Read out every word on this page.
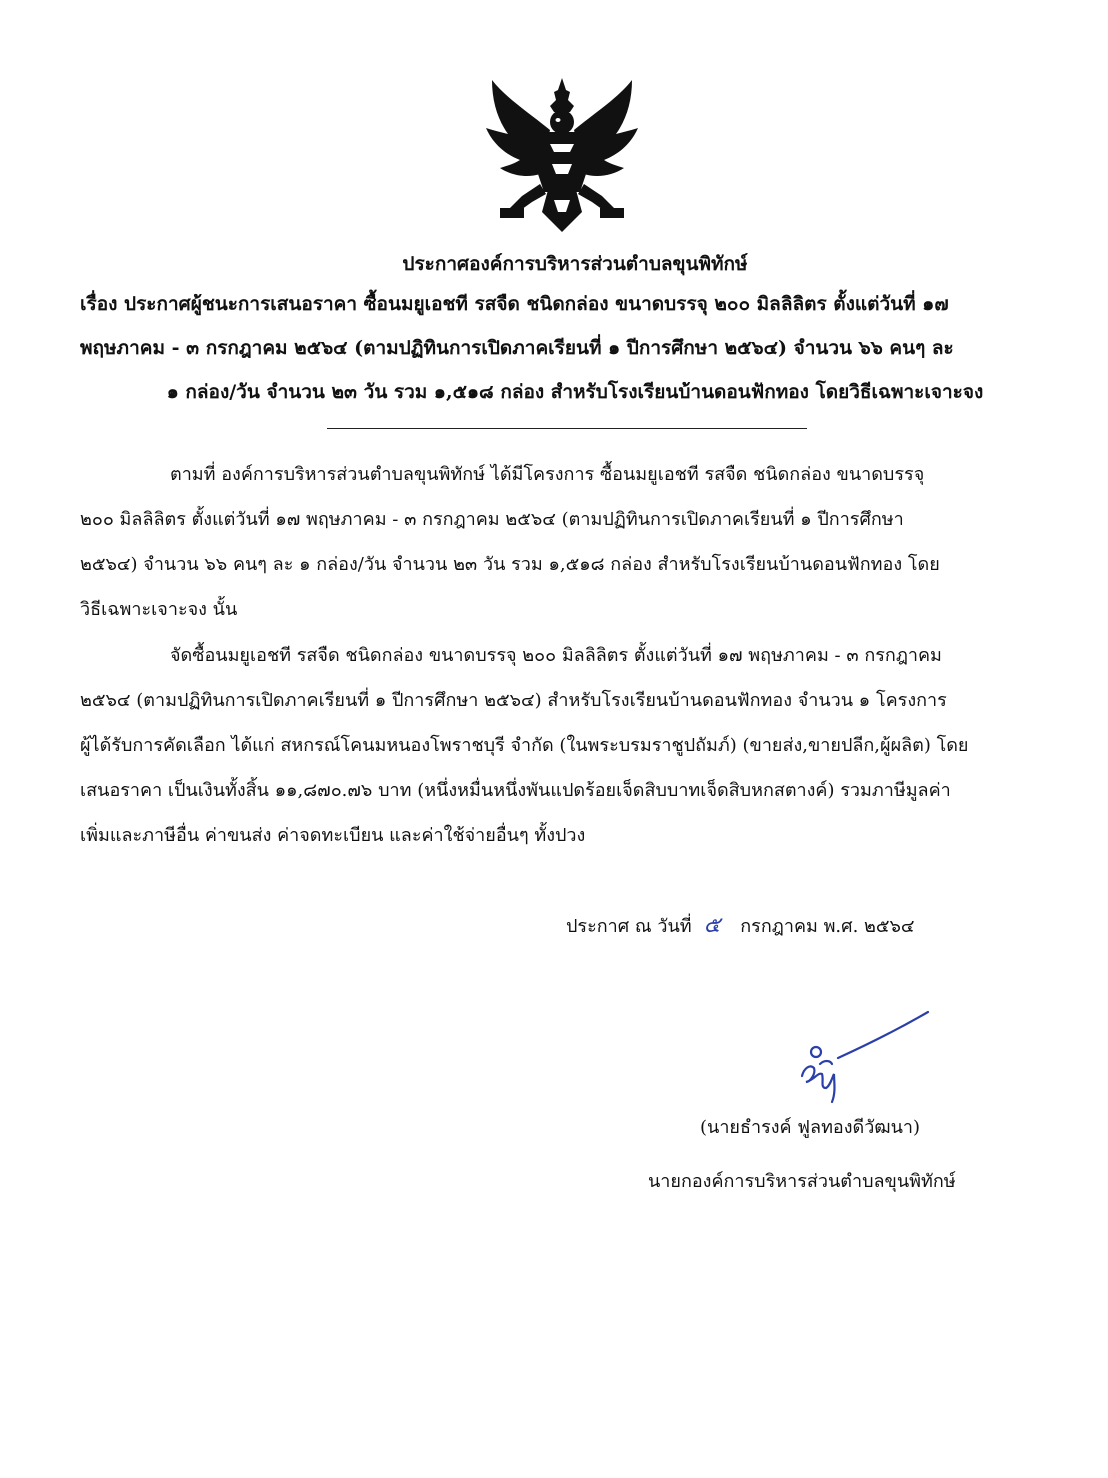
ประกาศองค์การบริหารส่วนตำบลขุนพิทักษ์

เรื่อง ประกาศผู้ชนะการเสนอราคา ซื้อนมยูเอชที รสจืด ชนิดกล่อง ขนาดบรรจุ ๒๐๐ มิลลิลิตร ตั้งแต่วันที่ ๑๗
พฤษภาคม - ๓ กรกฎาคม ๒๕๖๔ (ตามปฏิทินการเปิดภาคเรียนที่ ๑ ปีการศึกษา ๒๕๖๔) จำนวน ๖๖ คนๆ ละ
๑ กล่อง/วัน จำนวน ๒๓ วัน รวม ๑,๕๑๘ กล่อง สำหรับโรงเรียนบ้านดอนฟักทอง โดยวิธีเฉพาะเจาะจง
ตามที่ องค์การบริหารส่วนตำบลขุนพิทักษ์ ได้มีโครงการ ซื้อนมยูเอชที รสจืด ชนิดกล่อง ขนาดบรรจุ
๒๐๐ มิลลิลิตร ตั้งแต่วันที่ ๑๗ พฤษภาคม - ๓ กรกฎาคม ๒๕๖๔ (ตามปฏิทินการเปิดภาคเรียนที่ ๑ ปีการศึกษา
๒๕๖๔) จำนวน ๖๖ คนๆ ละ ๑ กล่อง/วัน จำนวน ๒๓ วัน รวม ๑,๕๑๘ กล่อง สำหรับโรงเรียนบ้านดอนฟักทอง โดย
วิธีเฉพาะเจาะจง นั้น
จัดซื้อนมยูเอชที รสจืด ชนิดกล่อง ขนาดบรรจุ ๒๐๐ มิลลิลิตร ตั้งแต่วันที่ ๑๗ พฤษภาคม - ๓ กรกฎาคม
๒๕๖๔ (ตามปฏิทินการเปิดภาคเรียนที่ ๑ ปีการศึกษา ๒๕๖๔) สำหรับโรงเรียนบ้านดอนฟักทอง จำนวน ๑ โครงการ
ผู้ได้รับการคัดเลือก ได้แก่ สหกรณ์โคนมหนองโพราชบุรี จำกัด (ในพระบรมราชูปถัมภ์) (ขายส่ง,ขายปลีก,ผู้ผลิต) โดย
เสนอราคา เป็นเงินทั้งสิ้น ๑๑,๘๗๐.๗๖ บาท (หนึ่งหมื่นหนึ่งพันแปดร้อยเจ็ดสิบบาทเจ็ดสิบหกสตางค์) รวมภาษีมูลค่า
เพิ่มและภาษีอื่น ค่าขนส่ง ค่าจดทะเบียน และค่าใช้จ่ายอื่นๆ ทั้งปวง
ประกาศ ณ วันที่ ๕ กรกฎาคม พ.ศ. ๒๕๖๔
(นายธำรงค์ ฟูลทองดีวัฒนา)
นายกองค์การบริหารส่วนตำบลขุนพิทักษ์
